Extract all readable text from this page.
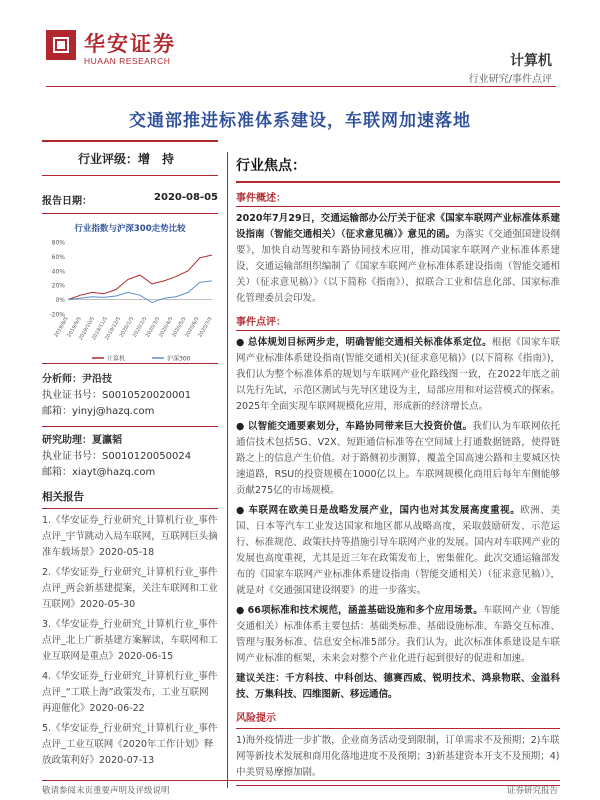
华安证券
HUAAN RESEARCH	计算机
行业研究/事件点评
交通部推进标准体系建设，车联网加速落地
行业评级：增　持
报告日期：	2020-08-05
行业指数与沪深300走势比较
80%
60%
40%
20%
0%
-20%
2019/8/5
2019/9/5
2019/10/5
2019/11/5
2019/12/5
2020/1/5
2020/2/5
2020/3/5
2020/4/5
2020/5/5
2020/6/5
2020/7/5
计算机	沪深300
分析师：尹沿技
执业证书号：S0010520020001
邮箱：yinyj@hazq.com
研究助理：夏瀛韬
执业证书号：S0010120050024
邮箱：xiayt@hazq.com
相关报告
1.《华安证券_行业研究_计算机行业_事件点评_宇节跳动入局车联网，互联网巨头摘准车载场景》2020-05-18
2.《华安证券_行业研究_计算机行业_事件点评_两会新基建提案，关注车联网和工业互联网》2020-05-30
3.《华安证券_行业研究_计算机行业_事件点评_北上广新基建方案解读，车联网和工业互联网是重点》2020-06-15
4.《华安证券_行业研究_计算机行业_事件点评_“工联上海”政策发布，工业互联网再迎催化》2020-06-22
5.《华安证券_行业研究_计算机行业_事件点评_工业互联网《2020年工作计划》释放政策利好》2020-07-13
行业焦点：
事件概述：
2020年7月29日，交通运输部办公厅关于征求《国家车联网产业标准体系建设指南（智能交通相关）（征求意见稿）》意见的函。为落实《交通强国建设纲要》，加快自动驾驶和车路协同技术应用，推动国家车联网产业标准体系建设，交通运输部组织编制了《国家车联网产业标准体系建设指南（智能交通相关）（征求意见稿）》（以下简称《指南》），拟联合工业和信息化部、国家标准化管理委员会印发。
事件点评：
● 总体规划目标两步走，明确智能交通相关标准体系定位。根据《国家车联网产业标准体系建设指南(智能交通相关)(征求意见稿)》(以下简称《指南》)，我们认为整个标准体系的规划与车联网产业化路线图一致，在2022年底之前以先行先试，示范区测试与先导区建设为主，局部应用和对运营模式的探索。2025年全面实现车联网规模化应用，形成新的经济增长点。
● 以智能交通要素划分，车路协同带来巨大投资价值。我们认为车联网依托通信技术包括5G、V2X、短距通信标准等在空间域上打通数据链路，使得链路之上的信息产生价值。对于路侧初步测算，覆盖全国高速公路和主要城区快速道路，RSU的投资规模在1000亿以上。车联网规模化商用后每年车侧能够贡献275亿的市场规模。
● 车联网在欧美日是战略发展产业，国内也对其发展高度重视。欧洲、美国、日本等汽车工业发达国家和地区都从战略高度，采取鼓励研发、示范运行、标准规范、政策扶持等措施引导车联网产业的发展。国内对车联网产业的发展也高度重视，尤其是近三年在政策发布上，密集催化。此次交通运输部发布的《国家车联网产业标准体系建设指南（智能交通相关）（征求意见稿）》，就是对《交通强国建设纲要》的进一步落实。
● 66项标准和技术规范，涵盖基础设施和多个应用场景。车联网产业（智能交通相关）标准体系主要包括：基础类标准、基础设施标准、车路交互标准、管理与服务标准、信息安全标准5部分。我们认为，此次标准体系建设是车联网产业标准的框架，未来会对整个产业化进行起到很好的促进和加速。
建议关注：千方科技、中科创达、德赛西威、锐明技术、鸿泉物联、金溢科技、万集科技、四维图新、移远通信。
风险提示
1)海外疫情进一步扩散，企业商务活动受到限制，订单需求不及预期；2)车联网等新技术发展和商用化落地进度不及预期；3)新基建资本开支不及预期；4)中美贸易摩擦加剧。
敬请参阅末页重要声明及评级说明	证券研究报告
